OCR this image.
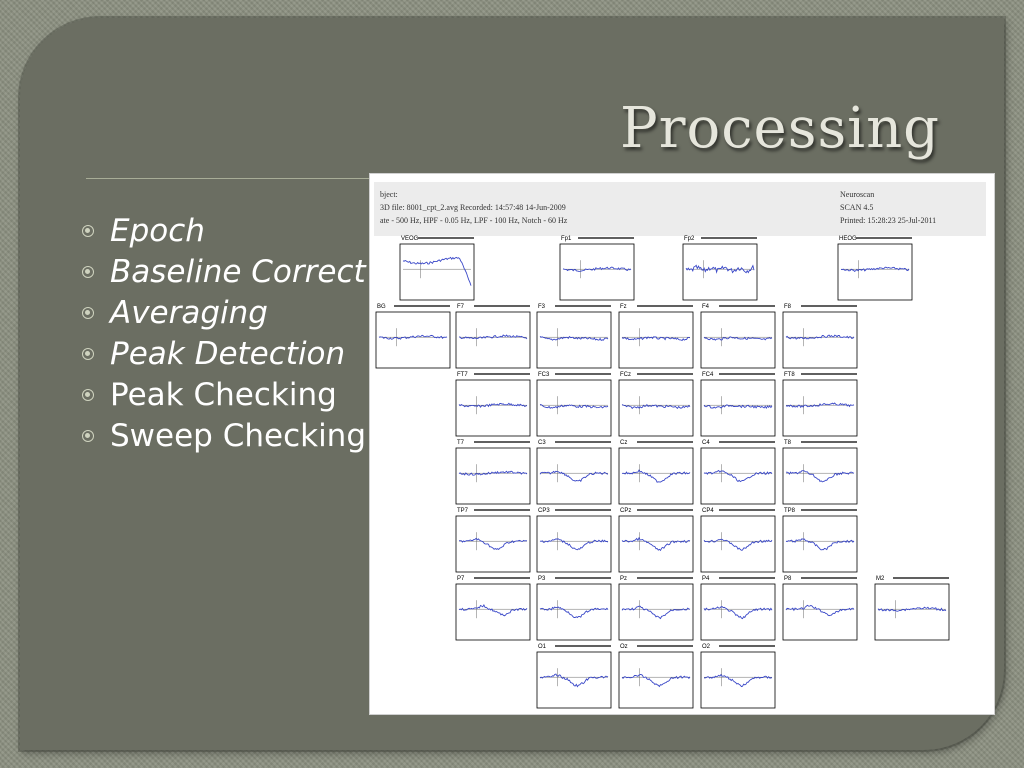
Processing
Epoch
Baseline Correct
Averaging
Peak Detection
Peak Checking
Sweep Checking
bject:
3D file: 8001_cpt_2.avg Recorded: 14:57:48 14-Jun-2009
ate - 500 Hz, HPF - 0.05 Hz, LPF - 100 Hz, Notch - 60 Hz
Neuroscan
SCAN 4.5
Printed: 15:28:23 25-Jul-2011
VEOG	Fp1	Fp2	HEOG
BG	F7	F3	Fz	F4	F8
FT7	FC3	FCz	FC4	FT8
T7	C3	Cz	C4	T8
TP7	CP3	CPz	CP4	TP8
P7	P3	Pz	P4	P8	M2
O1	Oz	O2
